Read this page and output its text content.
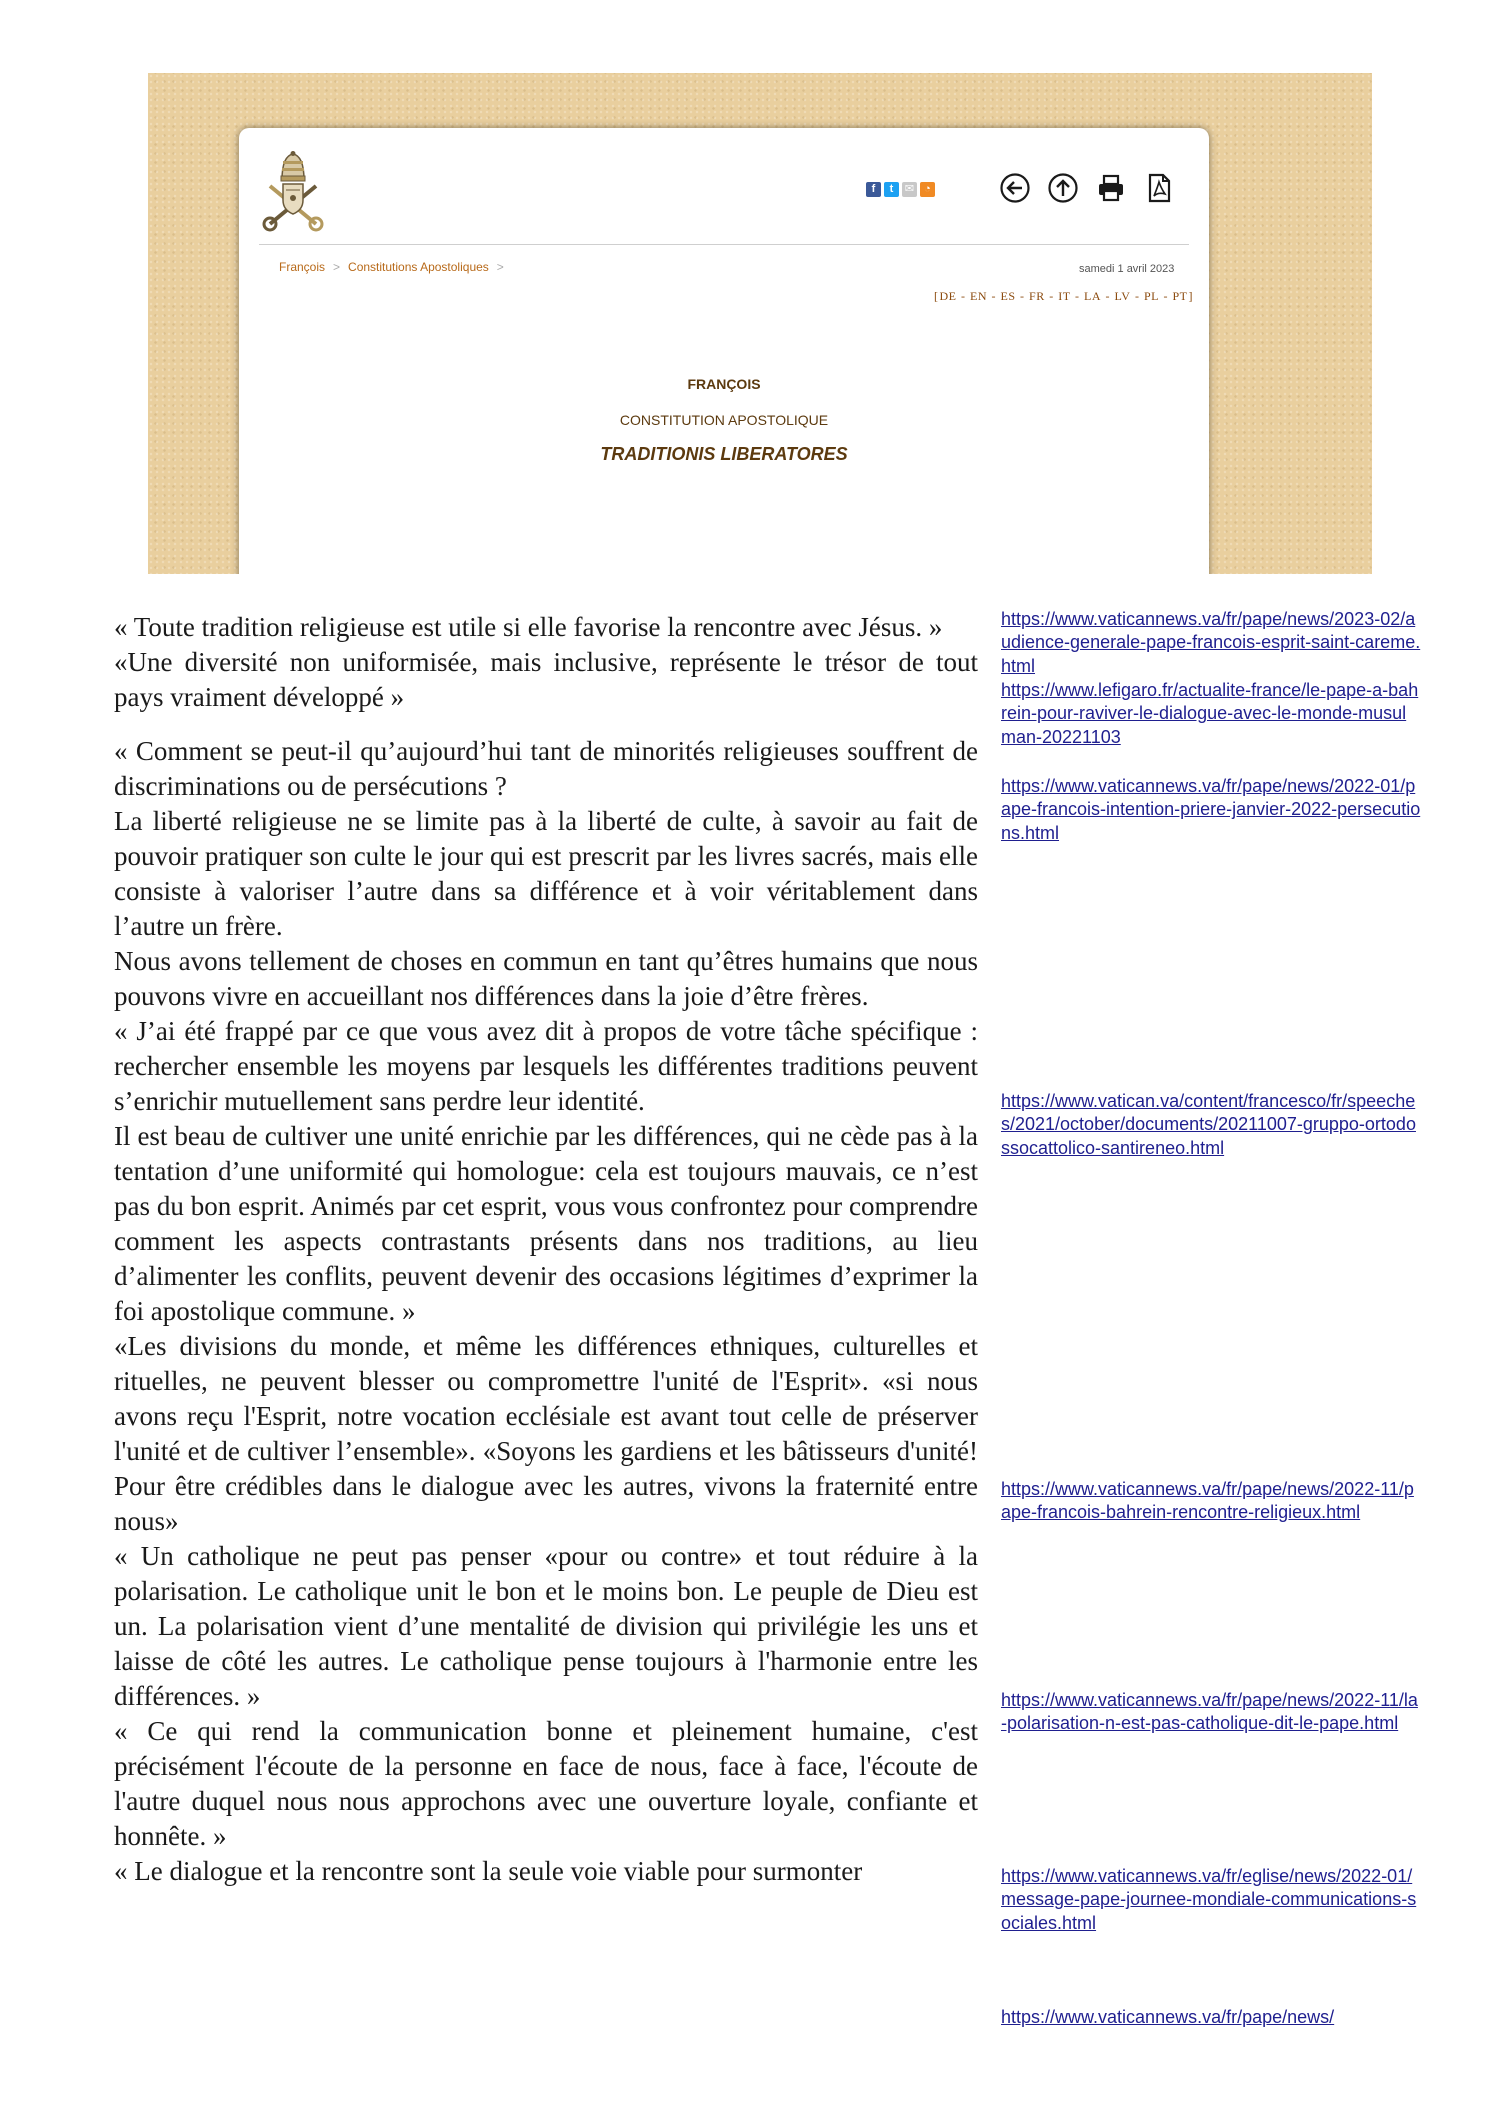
f	t	✉ ◔
François > Constitutions Apostoliques >	samedi 1 avril 2023
[DE - EN - ES - FR - IT - LA - LV - PL - PT]
FRANÇOIS
CONSTITUTION APOSTOLIQUE
TRADITIONIS LIBERATORES

« Toute tradition religieuse est utile si elle favorise la rencontre avec Jésus. »

«Une diversité non uniformisée, mais inclusive, représente le trésor de tout pays vraiment développé »

« Comment se peut-il qu’aujourd’hui tant de minorités religieuses souffrent de discriminations ou de persécutions ?

La liberté religieuse ne se limite pas à la liberté de culte, à savoir au fait de pouvoir pratiquer son culte le jour qui est prescrit par les livres sacrés, mais elle consiste à valoriser l’autre dans sa différence et à voir véritablement dans l’autre un frère.

Nous avons tellement de choses en commun en tant qu’êtres humains que nous pouvons vivre en accueillant nos différences dans la joie d’être frères.

« J’ai été frappé par ce que vous avez dit à propos de votre tâche spécifique : rechercher ensemble les moyens par lesquels les différentes traditions peuvent s’enrichir mutuellement sans perdre leur identité.

Il est beau de cultiver une unité enrichie par les différences, qui ne cède pas à la tentation d’une uniformité qui homologue: cela est toujours mauvais, ce n’est pas du bon esprit. Animés par cet esprit, vous vous confrontez pour comprendre comment les aspects contrastants présents dans nos traditions, au lieu d’alimenter les conflits, peuvent devenir des occasions légitimes d’exprimer la foi apostolique commune. »

«Les divisions du monde, et même les différences ethniques, culturelles et rituelles, ne peuvent blesser ou compromettre l'unité de l'Esprit». «si nous avons reçu l'Esprit, notre vocation ecclésiale est avant tout celle de préserver l'unité et de cultiver l’ensemble». «Soyons les gardiens et les bâtisseurs d'unité! Pour être crédibles dans le dialogue avec les autres, vivons la fraternité entre nous»

« Un catholique ne peut pas penser «pour ou contre» et tout réduire à la polarisation. Le catholique unit le bon et le moins bon. Le peuple de Dieu est un. La polarisation vient d’une mentalité de division qui privilégie les uns et laisse de côté les autres. Le catholique pense toujours à l'harmonie entre les différences. »

« Ce qui rend la communication bonne et pleinement humaine, c'est précisément l'écoute de la personne en face de nous, face à face, l'écoute de l'autre duquel nous nous approchons avec une ouverture loyale, confiante et honnête. »

« Le dialogue et la rencontre sont la seule voie viable pour surmonter

https://www.vaticannews.va/fr/pape/news/2023-02/audience-generale-pape-francois-esprit-saint-careme.html
https://www.lefigaro.fr/actualite-france/le-pape-a-bahrein-pour-raviver-le-dialogue-avec-le-monde-musulman-20221103
https://www.vaticannews.va/fr/pape/news/2022-01/pape-francois-intention-priere-janvier-2022-persecutions.html
https://www.vatican.va/content/francesco/fr/speeches/2021/october/documents/20211007-gruppo-ortodossocattolico-santireneo.html
https://www.vaticannews.va/fr/pape/news/2022-11/pape-francois-bahrein-rencontre-religieux.html
https://www.vaticannews.va/fr/pape/news/2022-11/la-polarisation-n-est-pas-catholique-dit-le-pape.html
https://www.vaticannews.va/fr/eglise/news/2022-01/message-pape-journee-mondiale-communications-sociales.html
https://www.vaticannews.va/fr/pape/news/
